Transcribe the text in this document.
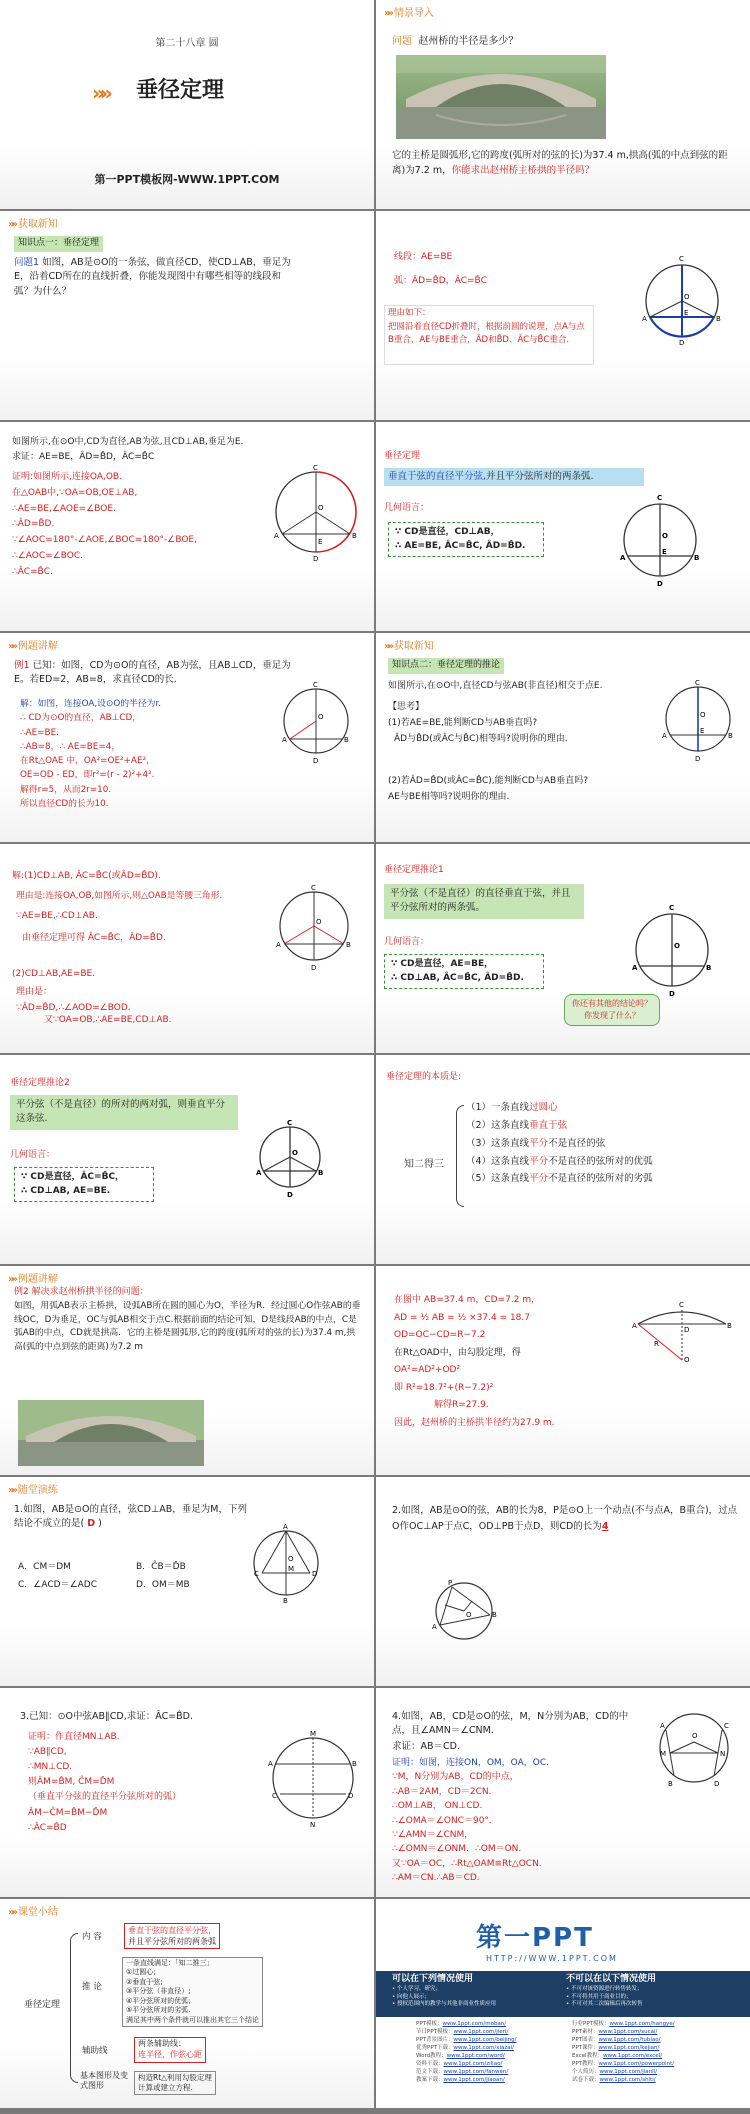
第二十八章 圆
»» 垂径定理
第一PPT模板网-WWW.1PPT.COM
»» 情景导入
问题 赵州桥的半径是多少？
它的主桥是圆弧形,它的跨度(弧所对的弦的长)为37.4 m,拱高(弧的中点到弦的距离)为7.2 m，你能求出赵州桥主桥拱的半径吗？
»» 获取新知
知识点一：垂径定理
问题1 如图，AB是⊙O的一条弦，做直径CD，使CD⊥AB，垂足为E，沿着CD所在的直线折叠，你能发现图中有哪些相等的线段和弧？为什么？
线段：AE=BE
弧：ÂD=B̂D，ÂC=B̂C
理由如下：
把圆沿着直径CD折叠时，根据前圆的说理，点A与点B重合，AE与BE重合，ÂD和B̂D、ÂC与B̂C重合.
C
A	B
O
D
E
如图所示,在⊙O中,CD为直径,AB为弦,且CD⊥AB,垂足为E.
求证：AE=BE，ÂD=B̂D，ÂC=B̂C
证明:如图所示,连接OA,OB.
在△OAB中,∵OA=OB,OE⊥AB,
∴AE=BE,∠AOE=∠BOE.
∴ÂD=B̂D.
∵∠AOC=180°-∠AOE,∠BOC=180°-∠BOE,
∴∠AOC=∠BOC.
∴ÂC=B̂C.
C
A	B
O
E
D
垂径定理
垂直于弦的直径平分弦,并且平分弦所对的两条弧.
几何语言：
∵ CD是直径，CD⊥AB，
∴ AE=BE, ÂC=B̂C, ÂD=B̂D.
C
A	B
O
E
D
»» 例题讲解
例1 已知：如图，CD为⊙O的直径，AB为弦，且AB⊥CD，垂足为E。若ED=2，AB=8，求直径CD的长.
解：如图，连接OA,设⊙O的半径为r.
∴ CD为⊙O的直径，AB⊥CD，
∴AE=BE.
∴AB=8，∴ AE=BE=4，
在Rt△OAE 中，OA²=OE²+AE²，
OE=OD - ED，即r²=(r - 2)²+4².
解得r=5，从而2r=10.
所以直径CD的长为10.
C
A	B
O
D
»» 获取新知
知识点二：垂径定理的推论
如图所示,在⊙O中,直径CD与弦AB(非直径)相交于点E.
【思考】
(1)若AE=BE,能判断CD与AB垂直吗?
ÂD与B̂D(或ÂC与B̂C)相等吗?说明你的理由.
(2)若ÂD=B̂D(或ÂC=B̂C),能判断CD与AB垂直吗?
AE与BE相等吗?说明你的理由.
C
A	B
O
D
E
解:(1)CD⊥AB, ÂC=B̂C(或ÂD=B̂D).
理由是:连接OA,OB,如图所示,则△OAB是等腰三角形.
∵AE=BE,∴CD⊥AB.
由垂径定理可得 ÂC=B̂C，ÂD=B̂D.
(2)CD⊥AB,AE=BE.
理由是：
∵ÂD=B̂D,∴∠AOD=∠BOD.
又∵OA=OB,∴AE=BE,CD⊥AB.
C
A	B
O
D
垂径定理推论1
平分弦（不是直径）的直径垂直于弦，并且平分弦所对的两条弧。
几何语言：
∵ CD是直径，AE=BE，
∴ CD⊥AB, ÂC=B̂C, ÂD=B̂D.
你还有其他的结论吗？你发现了什么？
C
A	B
O
D
垂径定理推论2
平分弦（不是直径）的所对的两对弧，则垂直平分这条弦.
几何语言：
∵ CD是直径，ÂC=B̂C，
∴ CD⊥AB, AE=BE.
C
A	B
O
D
垂径定理的本质是:
知二得三
（1）一条直线过圆心
（2）这条直线垂直于弦
（3）这条直线平分不是直径的弦
（4）这条直线平分不是直径的弦所对的优弧
（5）这条直线平分不是直径的弦所对的劣弧
»» 例题讲解
例2 解决求赵州桥拱半径的问题：
如图，用弧AB表示主桥拱，设弧AB所在圆的圆心为O，半径为R．经过圆心O作弦AB的垂线OC，D为垂足，OC与弧AB相交于点C.根据前面的结论可知，D是线段AB的中点，C是弧AB的中点，CD就是拱高．它的主桥是圆弧形,它的跨度(弧所对的弦的长)为37.4 m,拱高(弧的中点到弦的距离)为7.2 m
在图中 AB=37.4 m，CD=7.2 m，
AD = ½ AB = ½ ×37.4 = 18.7
OD=OC−CD=R−7.2
在Rt△OAD中，由勾股定理，得
OA²=AD²+OD²
即 R²=18.7²+(R−7.2)²
解得R=27.9.
因此，赵州桥的主桥拱半径约为27.9 m.
C
A	B
D
O
R
»» 随堂演练
1.如图，AB是⊙O的直径，弦CD⊥AB，垂足为M，下列结论不成立的是( D )
A．CM＝DM	B．ĈB＝D̂B
C．∠ACD＝∠ADC	D．OM＝MB
A
C	D
B
O
M
2.如图，AB是⊙O的弦，AB的长为8，P是⊙O上一个动点(不与点A，B重合)，过点O作OC⊥AP于点C，OD⊥PB于点D，则CD的长为4
P
A
B
O
3.已知：⊙O中弦AB∥CD,求证：ÂC=B̂D.
证明：作直径MN⊥AB.
∵AB∥CD,
∴MN⊥CD.
则ÂM=B̂M, ĈM=D̂M
（垂直平分弦的直径平分弦所对的弧）
ÂM−ĈM=B̂M−D̂M
∴ÂC=B̂D
M
A	B
C	D
N
4.如图，AB，CD是⊙O的弦，M，N分别为AB，CD的中点，且∠AMN＝∠CNM．
求证：AB＝CD.
证明：如图，连接ON，OM，OA，OC．
∵M，N分别为AB，CD的中点，
∴AB＝2AM，CD＝2CN.
∴OM⊥AB， ON⊥CD.
∴∠OMA＝∠ONC＝90°．
∵∠AMN＝∠CNM，
∴∠OMN＝∠ONM．∴OM＝ON.
又∵OA＝OC，∴Rt△OAM≌Rt△OCN.
∴AM＝CN.∴AB＝CD.
A	C
B	D
M	N
O
»» 课堂小结
垂径定理
内 容
垂直于弦的直径平分弦，
并且平分弦所对的两条弧
推 论
一条直线满足：「知二推三」
①过圆心;
②垂直于弦;
③平分弦（非直径）;
④平分弦所对的优弧;
⑤平分弦所对的劣弧.
满足其中两个条件就可以推出其它三个结论
辅助线
两条辅助线：
连半径，作弦心距
基本图形及变式图形
构造Rt△利用勾股定理
计算或建立方程.
第一PPT
HTTP://WWW.1PPT.COM
可以在下列情况使用
• 个人学习、研究；
• 向他人展示；
• 授权范围内的教学与其他非商业性质应用
不可以在以下情况使用
• 不可对该资源进行转售转发；
• 不可将其用于商业目的；
• 不可对其二次编辑后再次转售
PPT模板：www.1ppt.com/moban/
节日PPT模板：www.1ppt.com/jieri/
PPT背景图片：www.1ppt.com/beijing/
优秀PPT下载：www.1ppt.com/xiazai/
Word教程：www.1ppt.com/word/
资料下载：www.1ppt.com/ziliao/
范文下载：www.1ppt.com/fanwen/
教案下载：www.1ppt.com/jiaoan/
行业PPT模板：www.1ppt.com/hangye/
PPT素材：www.1ppt.com/sucai/
PPT图表：www.1ppt.com/tubiao/
PPT课件：www.1ppt.com/kejian/
Excel教程：www.1ppt.com/excel/
PPT教程：www.1ppt.com/powerpoint/
个人简历：www.1ppt.com/jianli/
试卷下载：www.1ppt.com/shiti/
